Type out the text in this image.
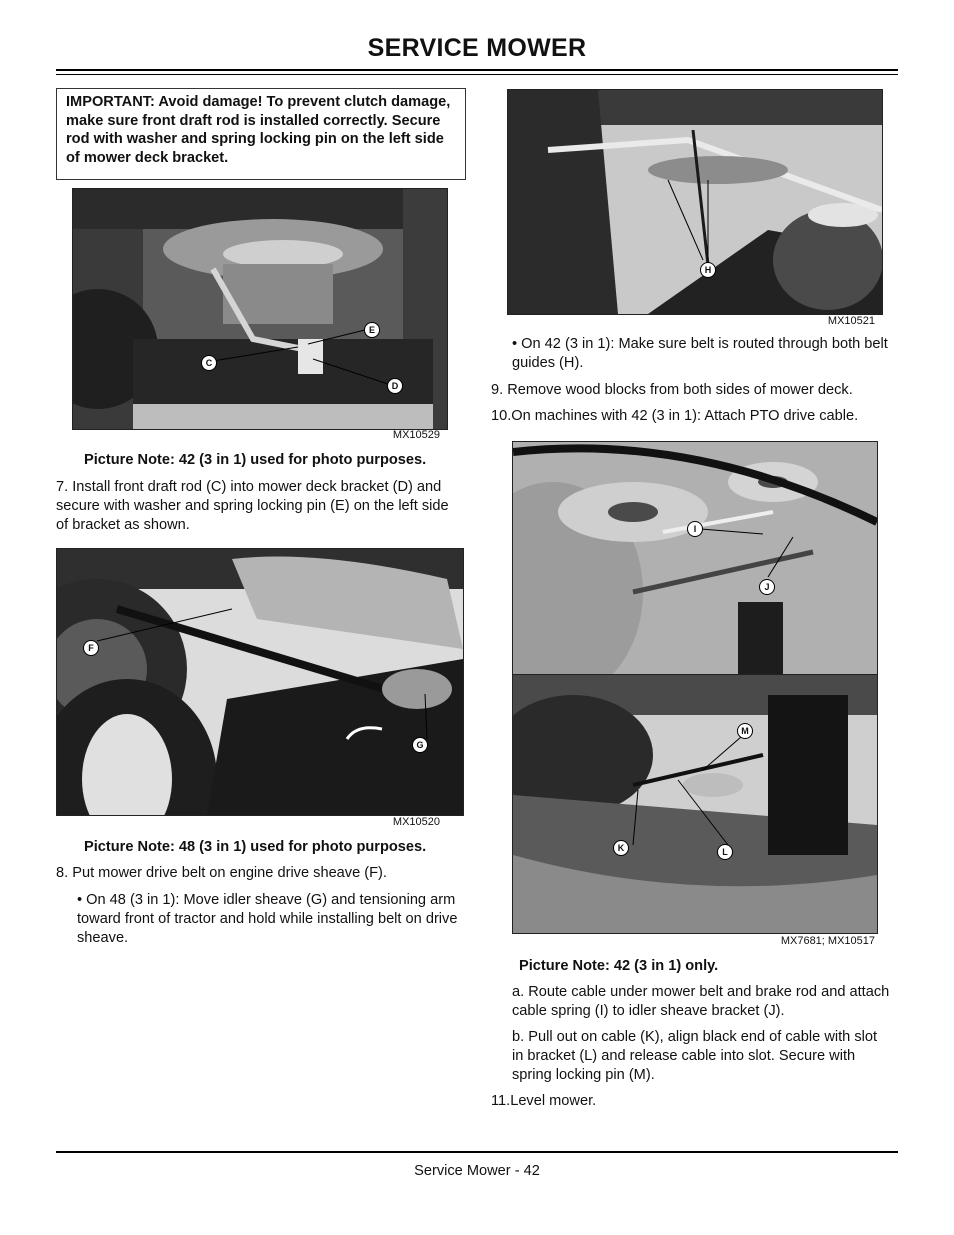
SERVICE MOWER
IMPORTANT: Avoid damage! To prevent clutch damage, make sure front draft rod is installed correctly. Secure rod with washer and spring locking pin on the left side of mower deck bracket.
C
D
E
MX10529
Picture Note: 42 (3 in 1) used for photo purposes.
7. Install front draft rod (C) into mower deck bracket (D) and secure with washer and spring locking pin (E) on the left side of bracket as shown.
F
G
MX10520
Picture Note: 48 (3 in 1) used for photo purposes.
8. Put mower drive belt on engine drive sheave (F).
• On 48 (3 in 1): Move idler sheave (G) and tensioning arm toward front of tractor and hold while installing belt on drive sheave.
H
MX10521
• On 42 (3 in 1): Make sure belt is routed through both belt guides (H).
9. Remove wood blocks from both sides of mower deck.
10.On machines with 42 (3 in 1): Attach PTO drive cable.
I
J
K	L
M
MX7681; MX10517
Picture Note: 42 (3 in 1) only.
a. Route cable under mower belt and brake rod and attach cable spring (I) to idler sheave bracket (J).
b. Pull out on cable (K), align black end of cable with slot in bracket (L) and release cable into slot. Secure with spring locking pin (M).
11.Level mower.
Service Mower - 42
